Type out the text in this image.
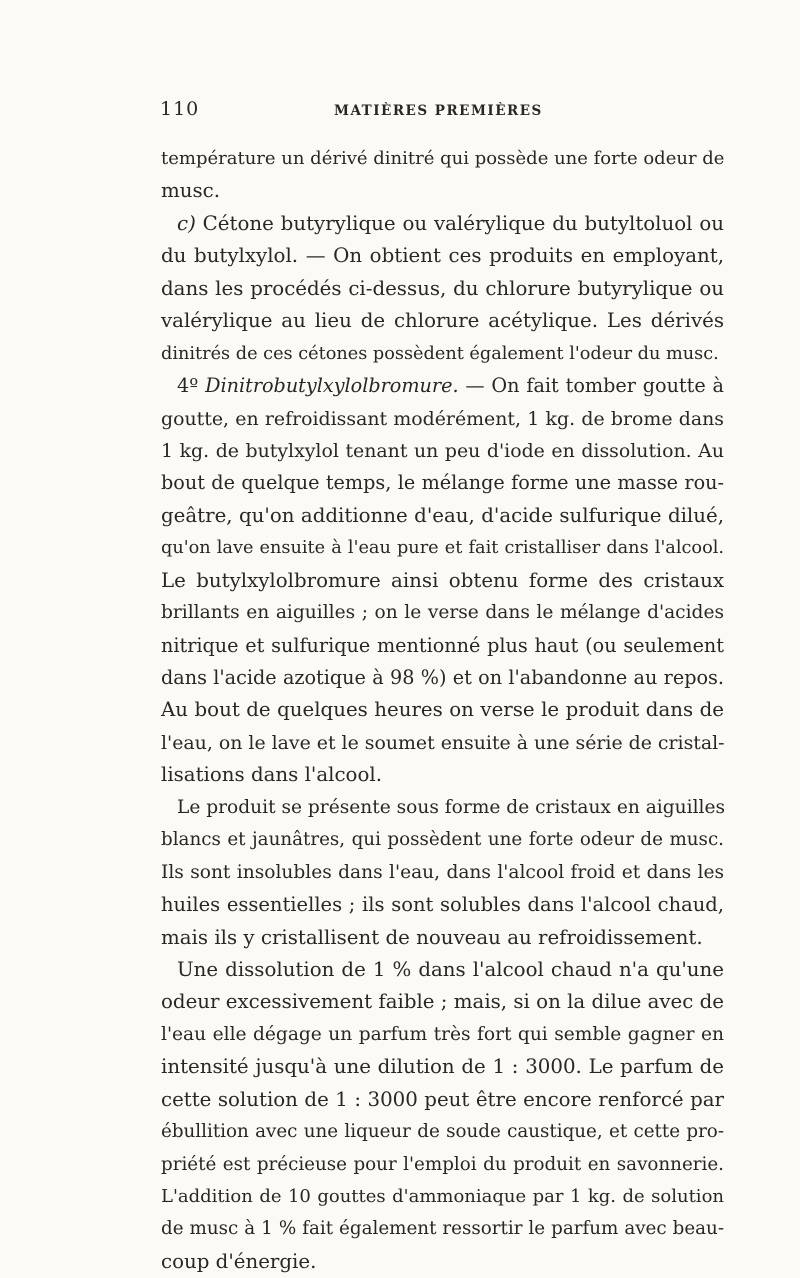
110	MATIÈRES PREMIÈRES
température un dérivé dinitré qui possède une forte odeur de
musc.
c) Cétone butyrylique ou valérylique du butyltoluol ou
du butylxylol. — On obtient ces produits en employant,
dans les procédés ci-dessus, du chlorure butyrylique ou
valérylique au lieu de chlorure acétylique. Les dérivés
dinitrés de ces cétones possèdent également l'odeur du musc.
4º Dinitrobutylxylolbromure. — On fait tomber goutte à
goutte, en refroidissant modérément, 1 kg. de brome dans
1 kg. de butylxylol tenant un peu d'iode en dissolution. Au
bout de quelque temps, le mélange forme une masse rou-
geâtre, qu'on additionne d'eau, d'acide sulfurique dilué,
qu'on lave ensuite à l'eau pure et fait cristalliser dans l'alcool.
Le butylxylolbromure ainsi obtenu forme des cristaux
brillants en aiguilles ; on le verse dans le mélange d'acides
nitrique et sulfurique mentionné plus haut (ou seulement
dans l'acide azotique à 98 %) et on l'abandonne au repos.
Au bout de quelques heures on verse le produit dans de
l'eau, on le lave et le soumet ensuite à une série de cristal-
lisations dans l'alcool.
Le produit se présente sous forme de cristaux en aiguilles
blancs et jaunâtres, qui possèdent une forte odeur de musc.
Ils sont insolubles dans l'eau, dans l'alcool froid et dans les
huiles essentielles ; ils sont solubles dans l'alcool chaud,
mais ils y cristallisent de nouveau au refroidissement.
Une dissolution de 1 % dans l'alcool chaud n'a qu'une
odeur excessivement faible ; mais, si on la dilue avec de
l'eau elle dégage un parfum très fort qui semble gagner en
intensité jusqu'à une dilution de 1 : 3000. Le parfum de
cette solution de 1 : 3000 peut être encore renforcé par
ébullition avec une liqueur de soude caustique, et cette pro-
priété est précieuse pour l'emploi du produit en savonnerie.
L'addition de 10 gouttes d'ammoniaque par 1 kg. de solution
de musc à 1 % fait également ressortir le parfum avec beau-
coup d'énergie.
